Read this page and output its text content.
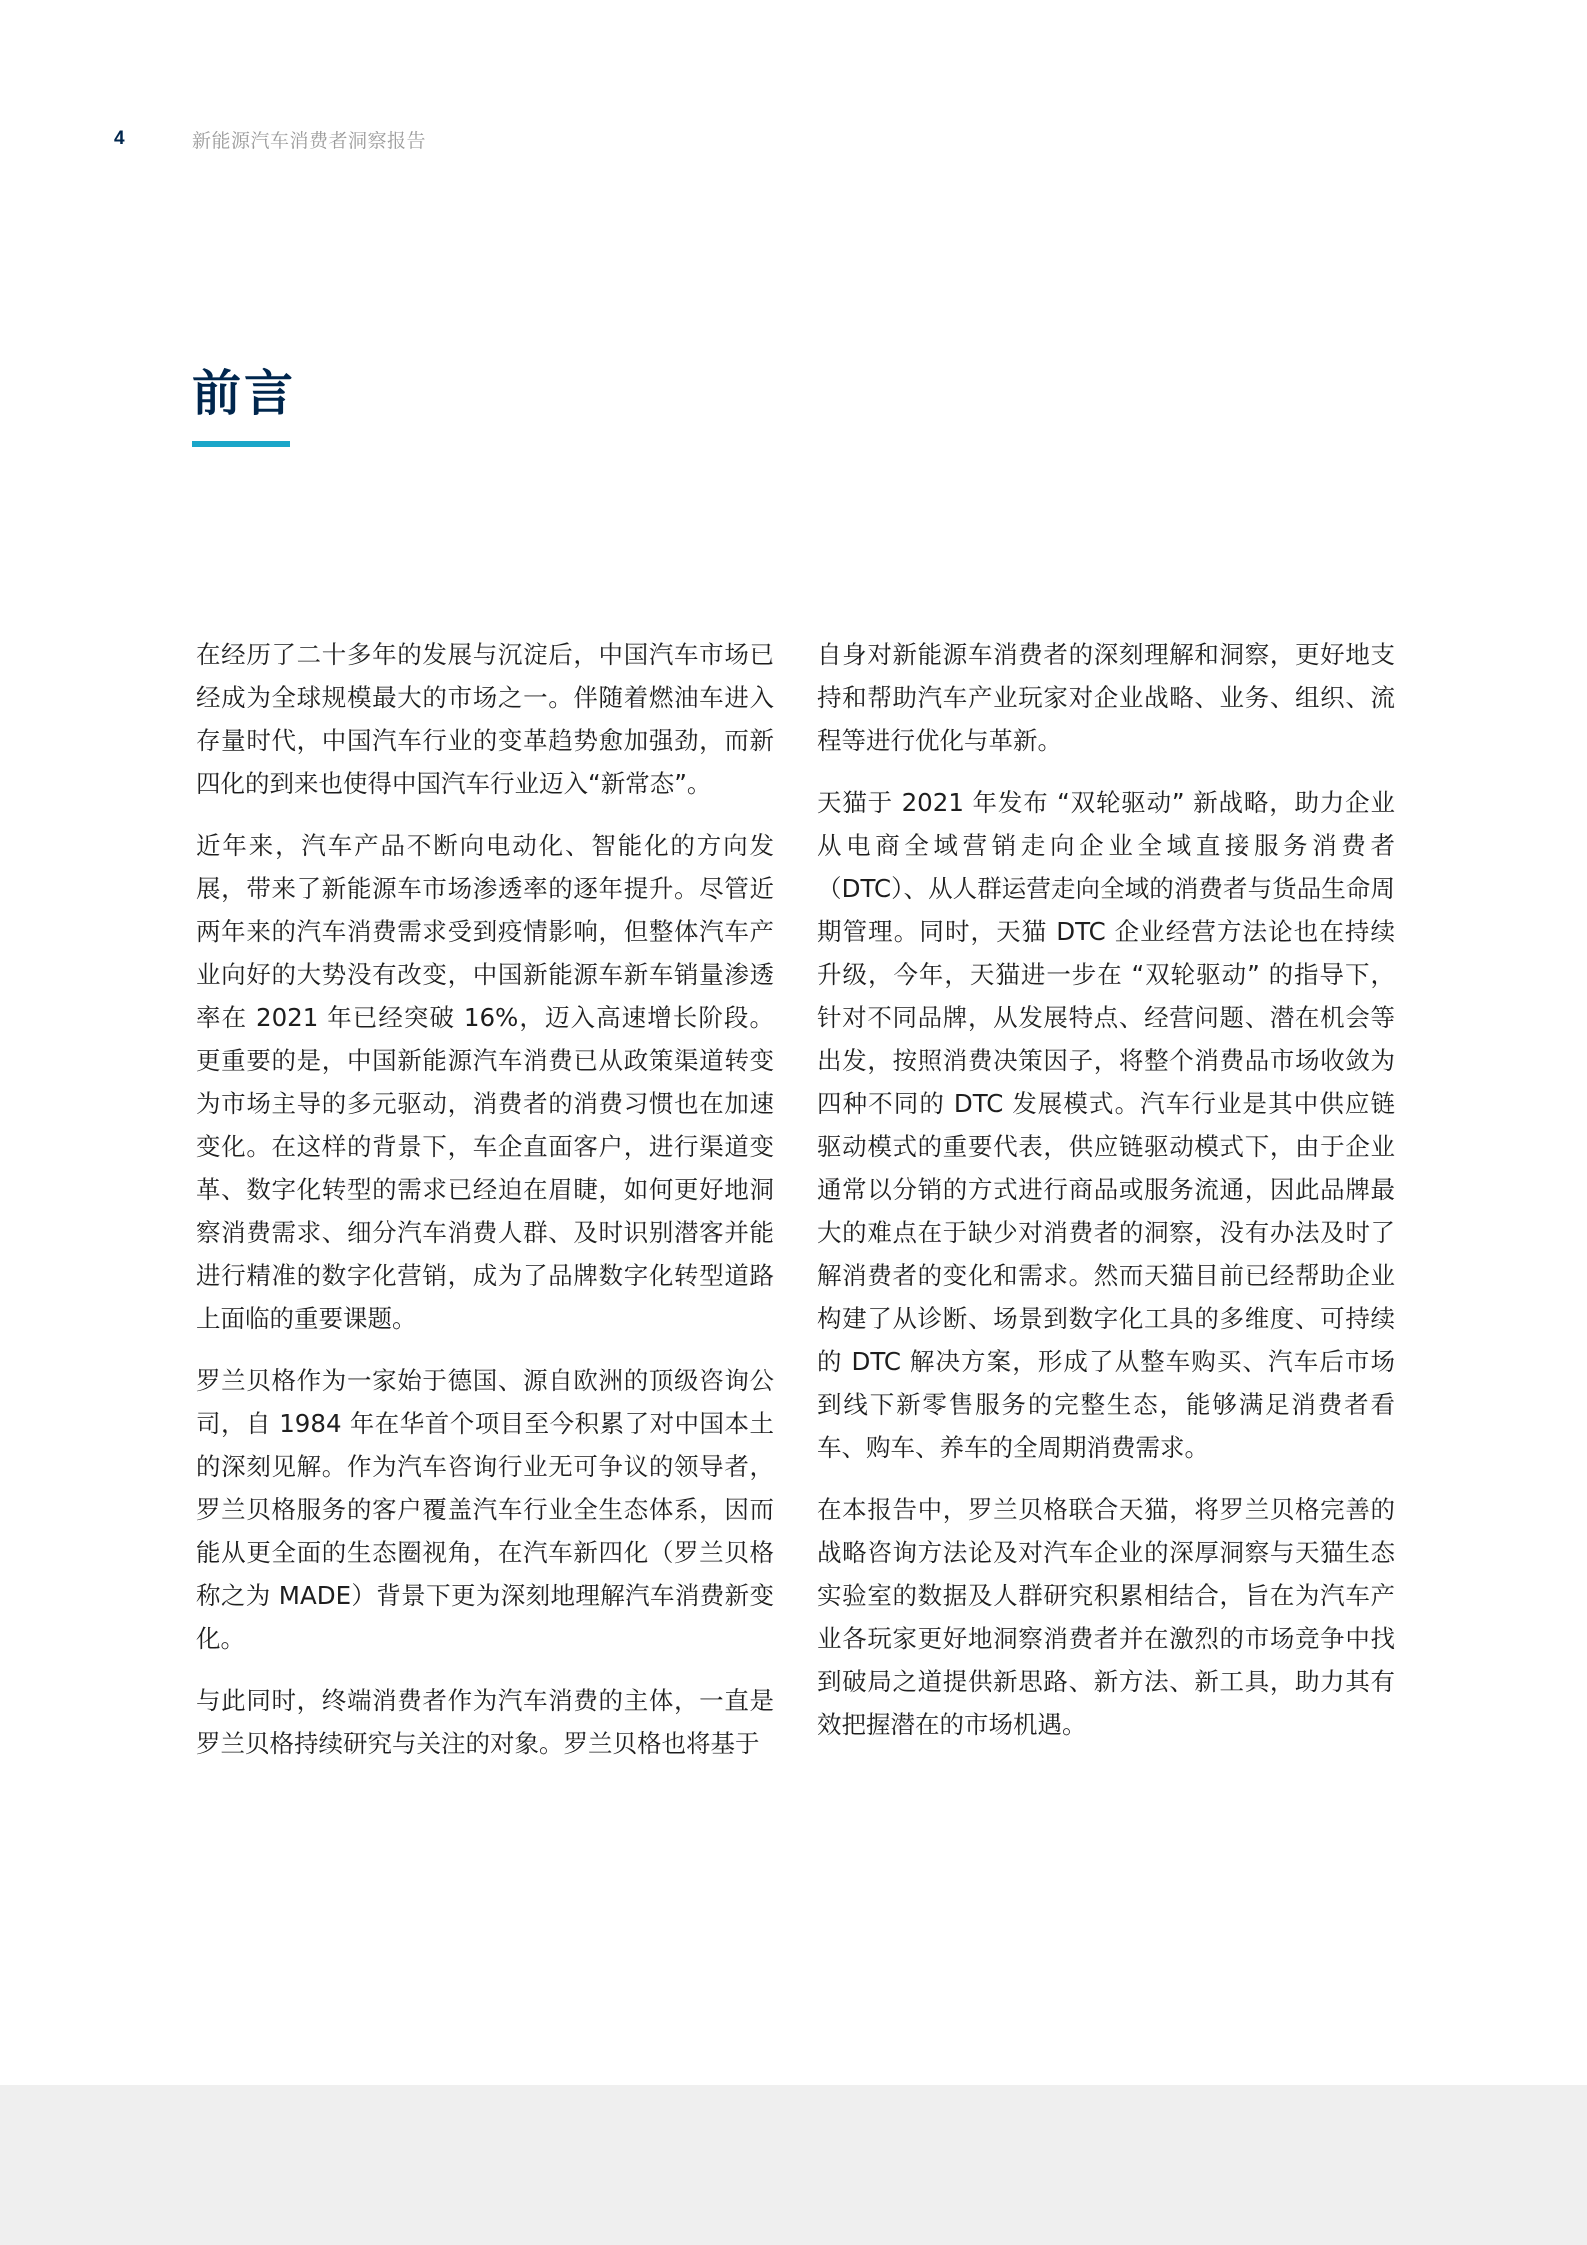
4	新能源汽车消费者洞察报告
前言

在经历了二十多年的发展与沉淀后，中国汽车市场已经成为全球规模最大的市场之一。伴随着燃油车进入存量时代，中国汽车行业的变革趋势愈加强劲，而新四化的到来也使得中国汽车行业迈入“新常态”。

近年来，汽车产品不断向电动化、智能化的方向发展，带来了新能源车市场渗透率的逐年提升。尽管近两年来的汽车消费需求受到疫情影响，但整体汽车产业向好的大势没有改变，中国新能源车新车销量渗透率在 2021 年已经突破 16%，迈入高速增长阶段。更重要的是，中国新能源汽车消费已从政策渠道转变为市场主导的多元驱动，消费者的消费习惯也在加速变化。在这样的背景下，车企直面客户，进行渠道变革、数字化转型的需求已经迫在眉睫，如何更好地洞察消费需求、细分汽车消费人群、及时识别潜客并能进行精准的数字化营销，成为了品牌数字化转型道路上面临的重要课题。

罗兰贝格作为一家始于德国、源自欧洲的顶级咨询公司，自 1984 年在华首个项目至今积累了对中国本土的深刻见解。作为汽车咨询行业无可争议的领导者，罗兰贝格服务的客户覆盖汽车行业全生态体系，因而能从更全面的生态圈视角，在汽车新四化（罗兰贝格称之为 MADE）背景下更为深刻地理解汽车消费新变化。

与此同时，终端消费者作为汽车消费的主体，一直是罗兰贝格持续研究与关注的对象。罗兰贝格也将基于

自身对新能源车消费者的深刻理解和洞察，更好地支持和帮助汽车产业玩家对企业战略、业务、组织、流程等进行优化与革新。

天猫于 2021 年发布 “双轮驱动” 新战略，助力企业从电商全域营销走向企业全域直接服务消费者（DTC）、从人群运营走向全域的消费者与货品生命周期管理。同时，天猫 DTC 企业经营方法论也在持续升级，今年，天猫进一步在 “双轮驱动” 的指导下，针对不同品牌，从发展特点、经营问题、潜在机会等出发，按照消费决策因子，将整个消费品市场收敛为四种不同的 DTC 发展模式。汽车行业是其中供应链驱动模式的重要代表，供应链驱动模式下，由于企业通常以分销的方式进行商品或服务流通，因此品牌最大的难点在于缺少对消费者的洞察，没有办法及时了解消费者的变化和需求。然而天猫目前已经帮助企业构建了从诊断、场景到数字化工具的多维度、可持续的 DTC 解决方案，形成了从整车购买、汽车后市场到线下新零售服务的完整生态，能够满足消费者看车、购车、养车的全周期消费需求。

在本报告中，罗兰贝格联合天猫，将罗兰贝格完善的战略咨询方法论及对汽车企业的深厚洞察与天猫生态实验室的数据及人群研究积累相结合，旨在为汽车产业各玩家更好地洞察消费者并在激烈的市场竞争中找到破局之道提供新思路、新方法、新工具，助力其有效把握潜在的市场机遇。
